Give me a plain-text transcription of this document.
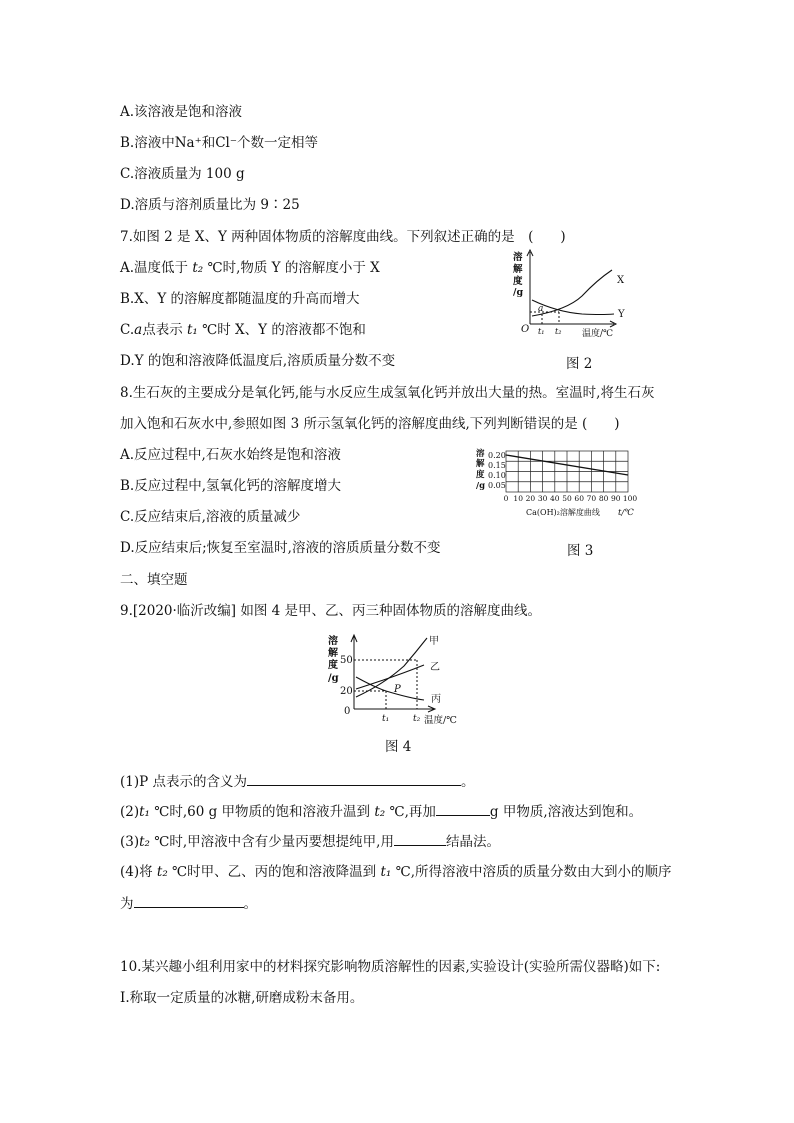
A.该溶液是饱和溶液
B.溶液中Na⁺和Cl⁻个数一定相等
C.溶液质量为 100 g
D.溶质与溶剂质量比为 9∶25
7.如图 2 是 X、Y 两种固体物质的溶解度曲线。下列叙述正确的是　(　　)
A.温度低于 t₂ ℃时,物质 Y 的溶解度小于 X
B.X、Y 的溶解度都随温度的升高而增大
C.a点表示 t₁ ℃时 X、Y 的溶液都不饱和
D.Y 的饱和溶液降低温度后,溶质质量分数不变
溶
解
度
/g
a
X
Y
O t₁ t₂ 温度/℃
图 2
8.生石灰的主要成分是氧化钙,能与水反应生成氢氧化钙并放出大量的热。室温时,将生石灰
加入饱和石灰水中,参照如图 3 所示氢氧化钙的溶解度曲线,下列判断错误的是 (　　)
A.反应过程中,石灰水始终是饱和溶液
B.反应过程中,氢氧化钙的溶解度增大
C.反应结束后,溶液的质量减少
D.反应结束后;恢复至室温时,溶液的溶质质量分数不变
溶
解
度
/g
0.20
0.15
0.10
0.05
0 10 20 30 40 50 60 70 80 90 100
Ca(OH)₂溶解度曲线 t/℃
图 3
二、填空题
9.[2020·临沂改编] 如图 4 是甲、乙、丙三种固体物质的溶解度曲线。
溶
解
度
/g
50
20
0
甲
乙
丙
P
t₁	t₂ 温度/℃
图 4
(1)P 点表示的含义为	。
(2)t₁ ℃时,60 g 甲物质的饱和溶液升温到 t₂ ℃,再加	g 甲物质,溶液达到饱和。
(3)t₂ ℃时,甲溶液中含有少量丙要想提纯甲,用	结晶法。
(4)将 t₂ ℃时甲、乙、丙的饱和溶液降温到 t₁ ℃,所得溶液中溶质的质量分数由大到小的顺序
为	。
10.某兴趣小组利用家中的材料探究影响物质溶解性的因素,实验设计(实验所需仪器略)如下:
Ⅰ.称取一定质量的冰糖,研磨成粉末备用。
